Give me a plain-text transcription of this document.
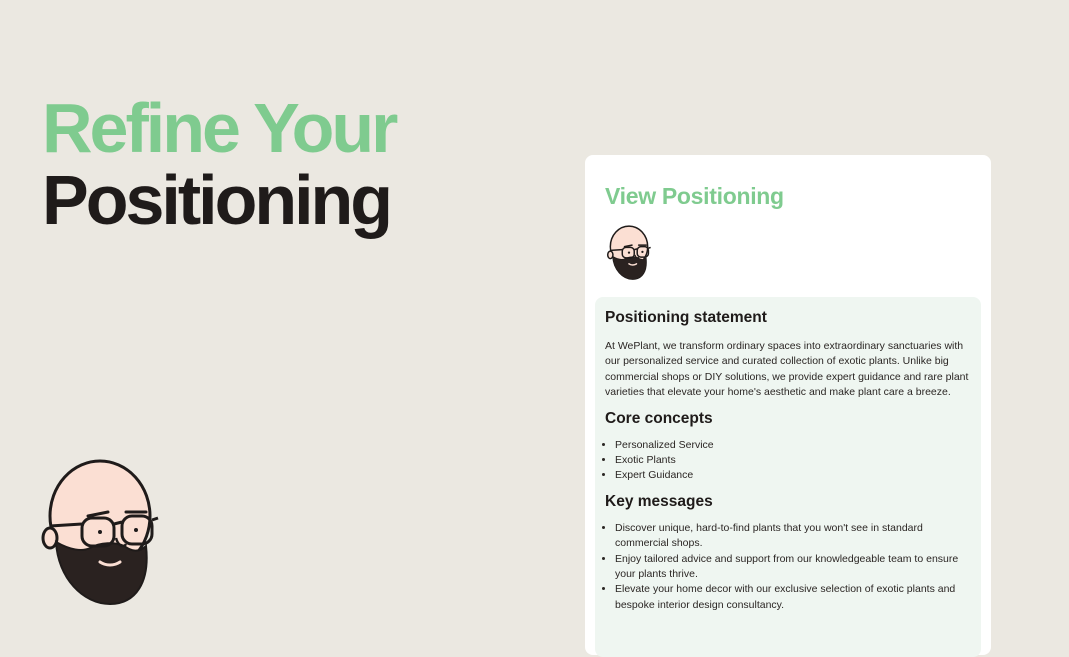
Refine Your
Positioning	View Positioning
Positioning statement

At WePlant, we transform ordinary spaces into extraordinary sanctuaries with our personalized service and curated collection of exotic plants. Unlike big commercial shops or DIY solutions, we provide expert guidance and rare plant varieties that elevate your home's aesthetic and make plant care a breeze.

Core concepts
• Personalized Service
• Exotic Plants
• Expert Guidance
Key messages
• Discover unique, hard-to-find plants that you won't see in standard commercial shops.
• Enjoy tailored advice and support from our knowledgeable team to ensure your plants thrive.
• Elevate your home decor with our exclusive selection of exotic plants and bespoke interior design consultancy.
